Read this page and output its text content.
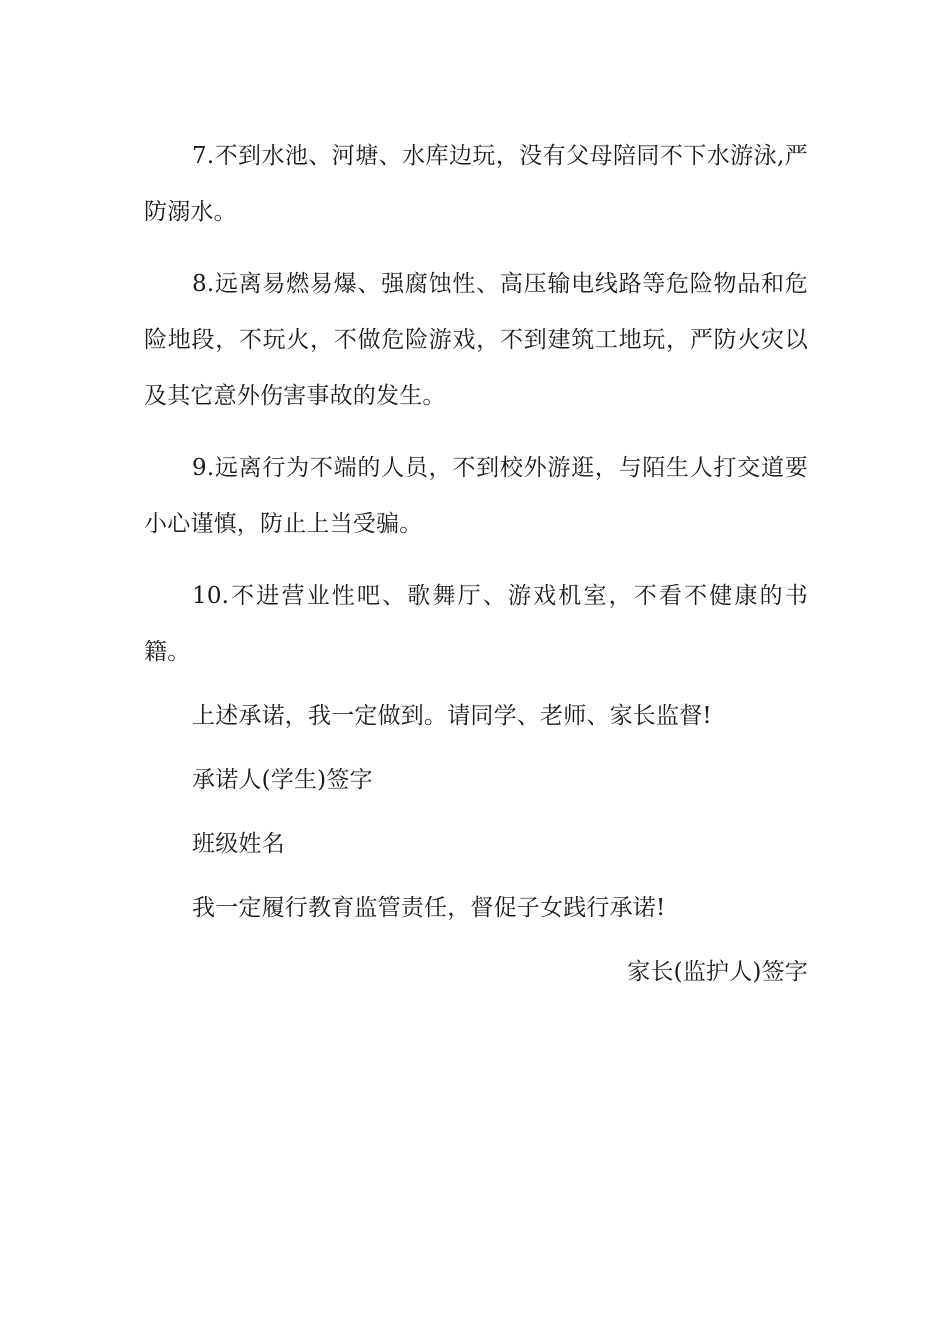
7.不到水池、河塘、水库边玩，没有父母陪同不下水游泳,严防溺水。

8.远离易燃易爆、强腐蚀性、高压输电线路等危险物品和危险地段，不玩火，不做危险游戏，不到建筑工地玩，严防火灾以及其它意外伤害事故的发生。

9.远离行为不端的人员，不到校外游逛，与陌生人打交道要小心谨慎，防止上当受骗。

10.不进营业性吧、歌舞厅、游戏机室，不看不健康的书籍。

上述承诺，我一定做到。请同学、老师、家长监督!

承诺人(学生)签字

班级姓名

我一定履行教育监管责任，督促子女践行承诺!

家长(监护人)签字
